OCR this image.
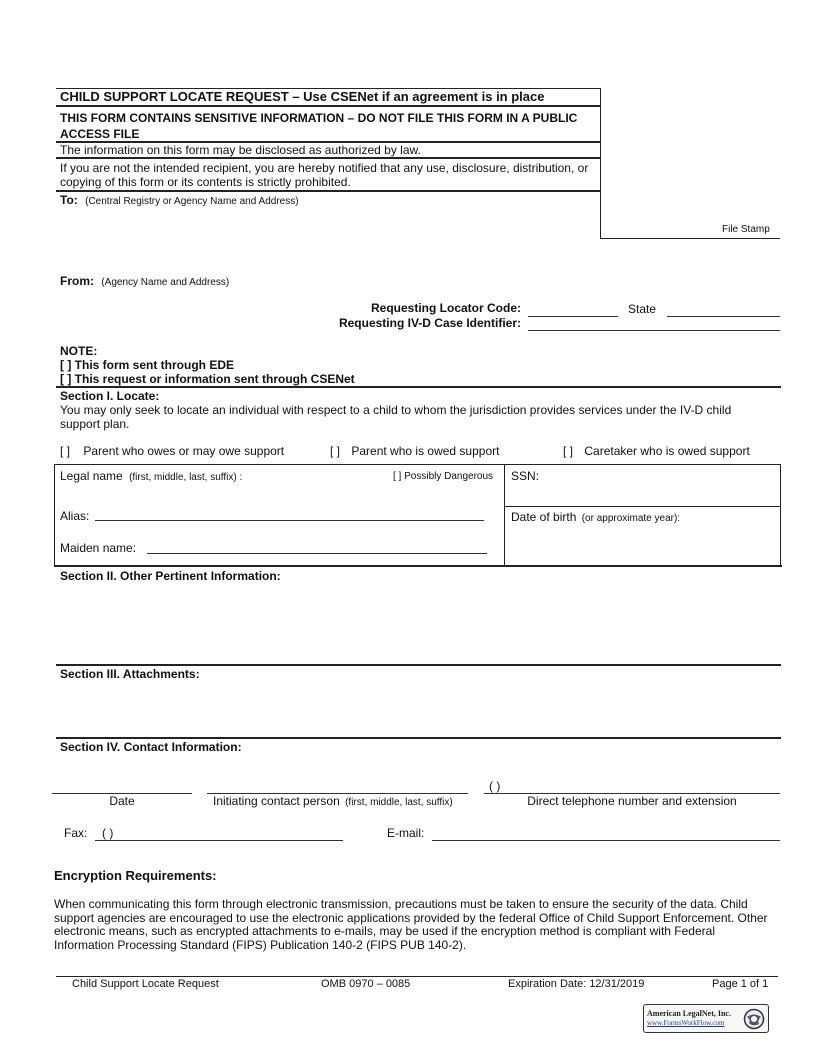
CHILD SUPPORT LOCATE REQUEST – Use CSENet if an agreement is in place
THIS FORM CONTAINS SENSITIVE INFORMATION – DO NOT FILE THIS FORM IN A PUBLIC ACCESS FILE
The information on this form may be disclosed as authorized by law.
If you are not the intended recipient, you are hereby notified that any use, disclosure, distribution, or copying of this form or its contents is strictly prohibited.
To: (Central Registry or Agency Name and Address)
File Stamp
From: (Agency Name and Address)
Requesting Locator Code:	State
Requesting IV-D Case Identifier:
NOTE:
[ ] This form sent through EDE
[ ] This request or information sent through CSENet
Section I. Locate:
You may only seek to locate an individual with respect to a child to whom the jurisdiction provides services under the IV-D child support plan.
[ ] Parent who owes or may owe support	[ ] Parent who is owed support	[ ] Caretaker who is owed support
Legal name (first, middle, last, suffix) :	[ ] Possibly Dangerous SSN:
Alias:
Maiden name:
Date of birth (or approximate year):
Section II. Other Pertinent Information:
Section III. Attachments:
Section IV. Contact Information:
Date	Initiating contact person (first, middle, last, suffix)
( )
Direct telephone number and extension
Fax: ( )	E-mail:
Encryption Requirements:
When communicating this form through electronic transmission, precautions must be taken to ensure the security of the data. Child support agencies are encouraged to use the electronic applications provided by the federal Office of Child Support Enforcement. Other electronic means, such as encrypted attachments to e-mails, may be used if the encryption method is compliant with Federal Information Processing Standard (FIPS) Publication 140-2 (FIPS PUB 140-2).
Child Support Locate Request	OMB 0970 – 0085	Expiration Date: 12/31/2019	Page 1 of 1
American LegalNet, Inc.
www.FormsWorkFlow.com
